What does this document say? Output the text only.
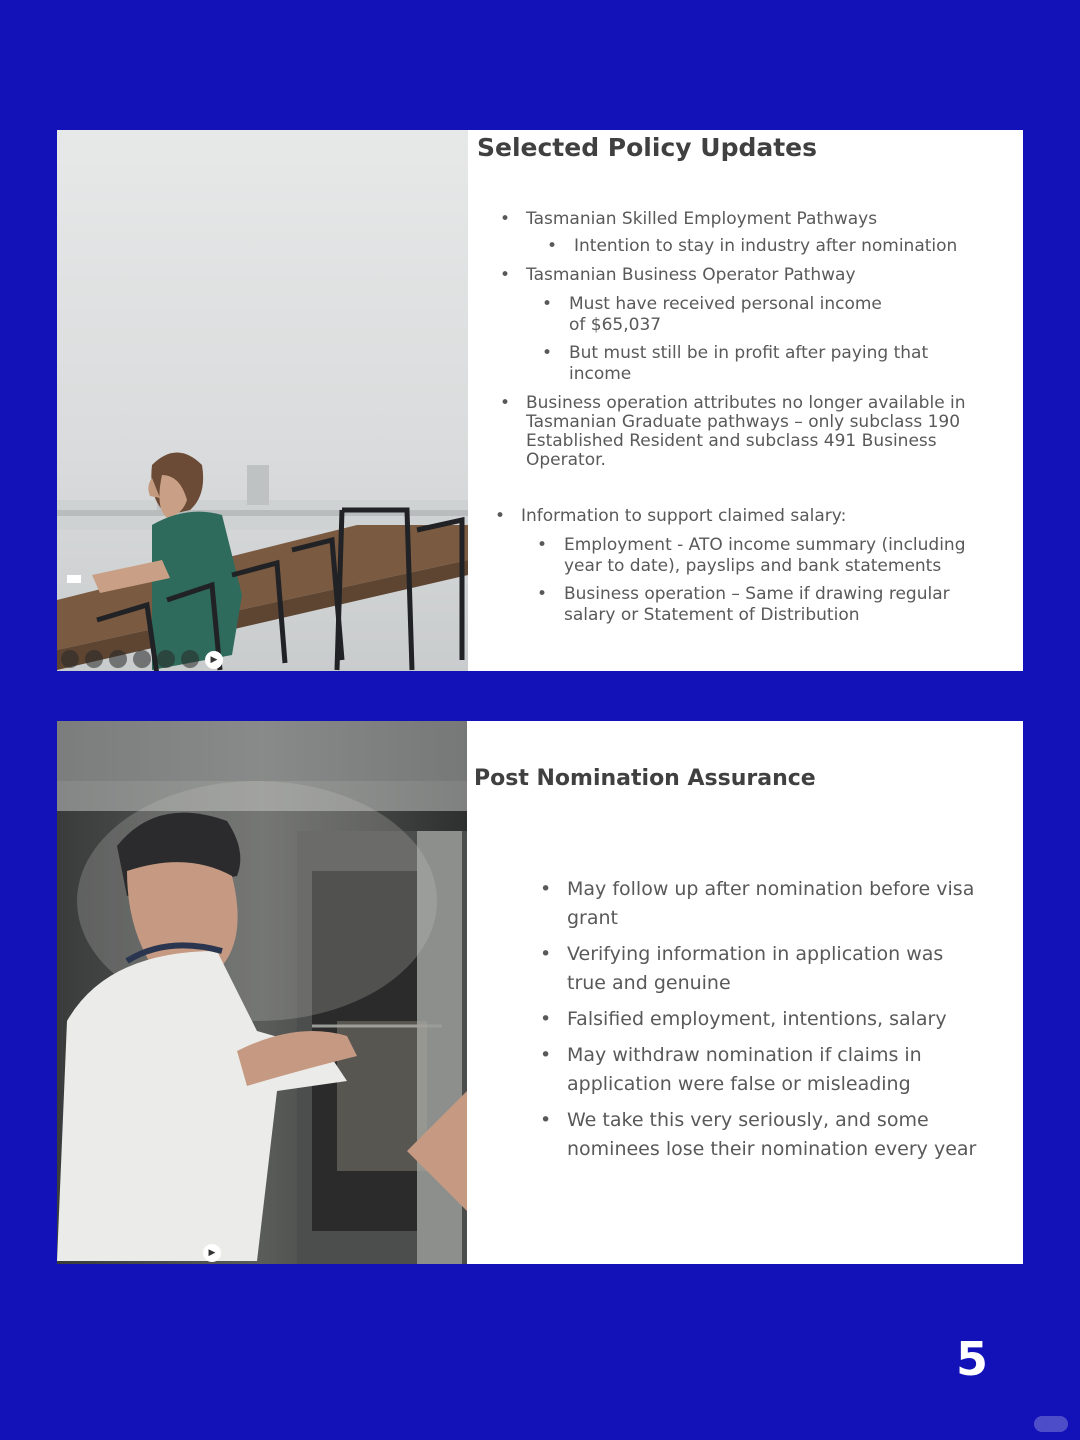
▶
Selected Policy Updates
• Tasmanian Skilled Employment Pathways
• Intention to stay in industry after nomination
• Tasmanian Business Operator Pathway
• Must have received personal income
of $65,037
• But must still be in profit after paying that
income
• Business operation attributes no longer available in
Tasmanian Graduate pathways – only subclass 190
Established Resident and subclass 491 Business
Operator.
• Information to support claimed salary:
• Employment - ATO income summary (including
year to date), payslips and bank statements
• Business operation – Same if drawing regular
salary or Statement of Distribution
▶
Post Nomination Assurance
• May follow up after nomination before visa
grant
• Verifying information in application was
true and genuine
• Falsified employment, intentions, salary
• May withdraw nomination if claims in
application were false or misleading
• We take this very seriously, and some
nominees lose their nomination every year
5
